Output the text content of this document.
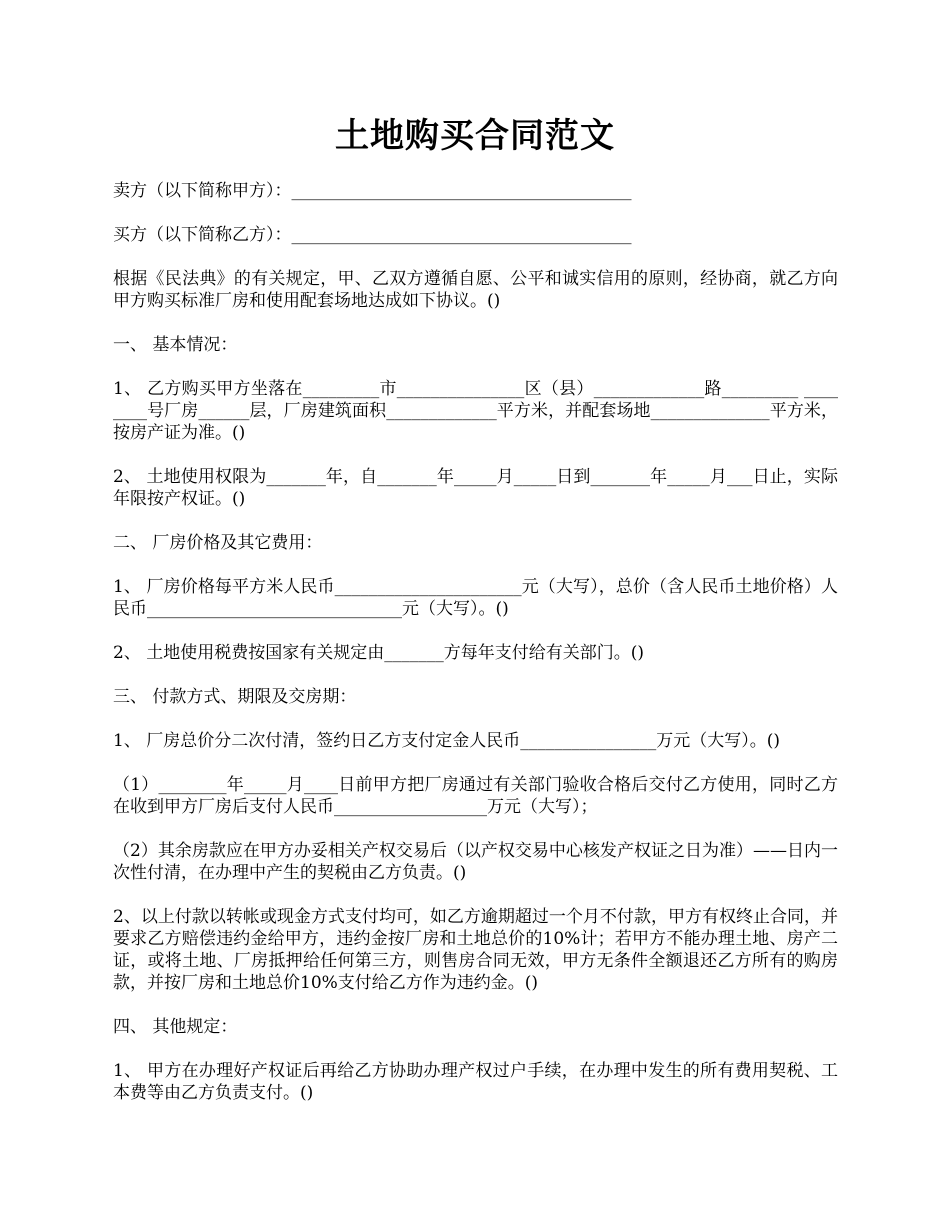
土地购买合同范文

卖方（以下简称甲方）：________________________________________

买方（以下简称乙方）：________________________________________

根据《民法典》的有关规定，甲、乙双方遵循自愿、公平和诚实信用的原则，经协商，就乙方向甲方购买标准厂房和使用配套场地达成如下协议。()

一、 基本情况：

1、 乙方购买甲方坐落在_________市_______________区（县）_____________路_________ ________号厂房______层，厂房建筑面积_____________平方米，并配套场地______________平方米，按房产证为准。()

2、 土地使用权限为_______年，自_______年_____月_____日到_______年_____月___日止，实际年限按产权证。()

二、 厂房价格及其它费用：

1、 厂房价格每平方米人民币______________________元（大写），总价（含人民币土地价格）人民币______________________________元（大写）。()

2、 土地使用税费按国家有关规定由_______方每年支付给有关部门。()

三、 付款方式、期限及交房期：

1、 厂房总价分二次付清，签约日乙方支付定金人民币________________万元（大写）。()

（1）________年_____月____日前甲方把厂房通过有关部门验收合格后交付乙方使用，同时乙方在收到甲方厂房后支付人民币__________________万元（大写）；

（2）其余房款应在甲方办妥相关产权交易后（以产权交易中心核发产权证之日为准）——日内一次性付清，在办理中产生的契税由乙方负责。()

2、以上付款以转帐或现金方式支付均可，如乙方逾期超过一个月不付款，甲方有权终止合同，并要求乙方赔偿违约金给甲方，违约金按厂房和土地总价的10%计；若甲方不能办理土地、房产二证，或将土地、厂房抵押给任何第三方，则售房合同无效，甲方无条件全额退还乙方所有的购房款，并按厂房和土地总价10%支付给乙方作为违约金。()

四、 其他规定：

1、 甲方在办理好产权证后再给乙方协助办理产权过户手续，在办理中发生的所有费用契税、工本费等由乙方负责支付。()
